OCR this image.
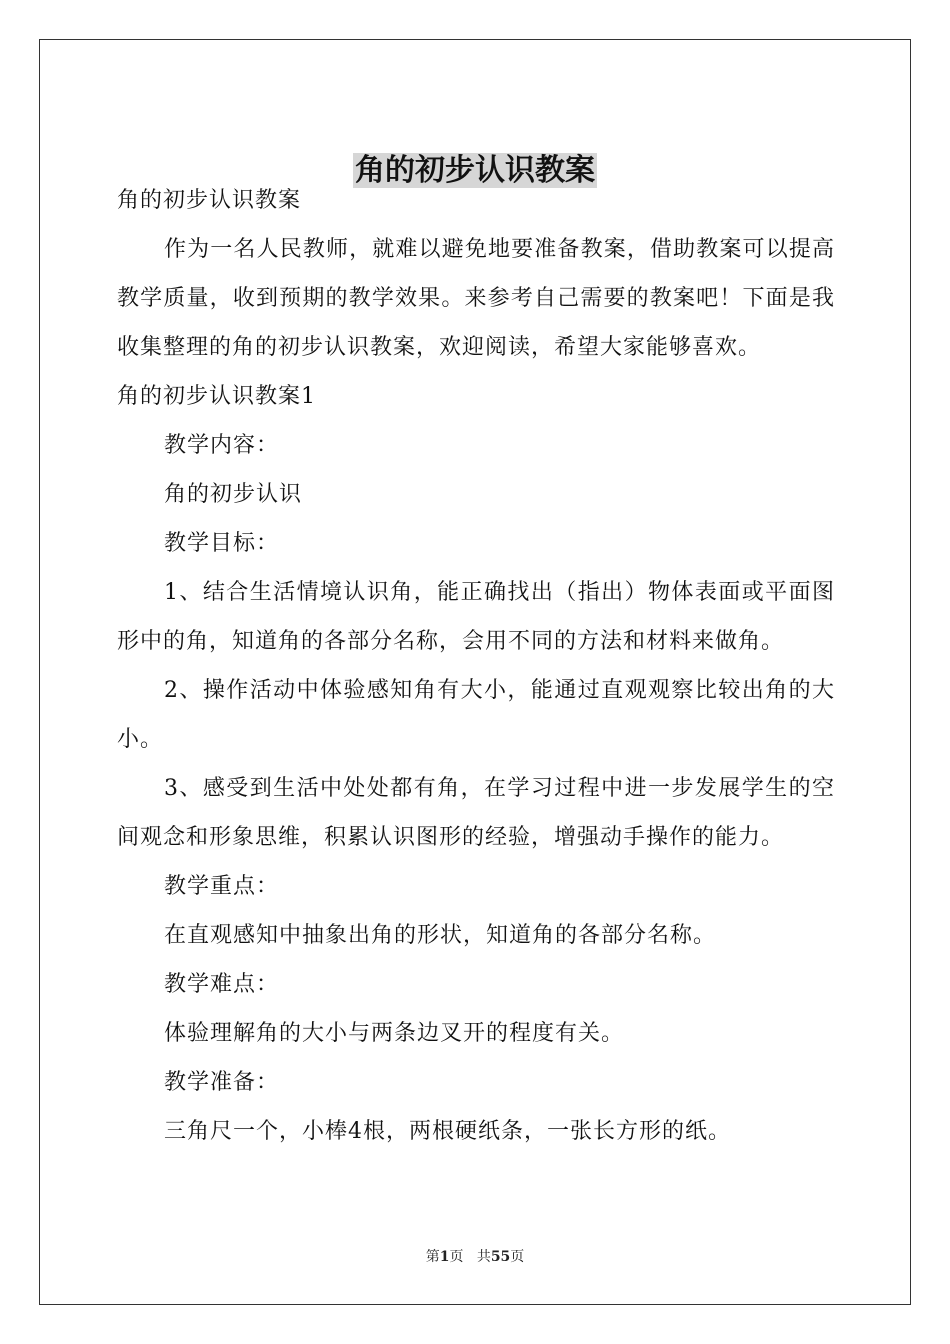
角的初步认识教案

角的初步认识教案

作为一名人民教师，就难以避免地要准备教案，借助教案可以提高教学质量，收到预期的教学效果。来参考自己需要的教案吧！下面是我收集整理的角的初步认识教案，欢迎阅读，希望大家能够喜欢。

角的初步认识教案1

教学内容：

角的初步认识

教学目标：

1、结合生活情境认识角，能正确找出（指出）物体表面或平面图形中的角，知道角的各部分名称，会用不同的方法和材料来做角。

2、操作活动中体验感知角有大小，能通过直观观察比较出角的大小。

3、感受到生活中处处都有角，在学习过程中进一步发展学生的空间观念和形象思维，积累认识图形的经验，增强动手操作的能力。

教学重点：

在直观感知中抽象出角的形状，知道角的各部分名称。

教学难点：

体验理解角的大小与两条边叉开的程度有关。

教学准备：

三角尺一个，小棒4根，两根硬纸条，一张长方形的纸。

第1页 共55页
